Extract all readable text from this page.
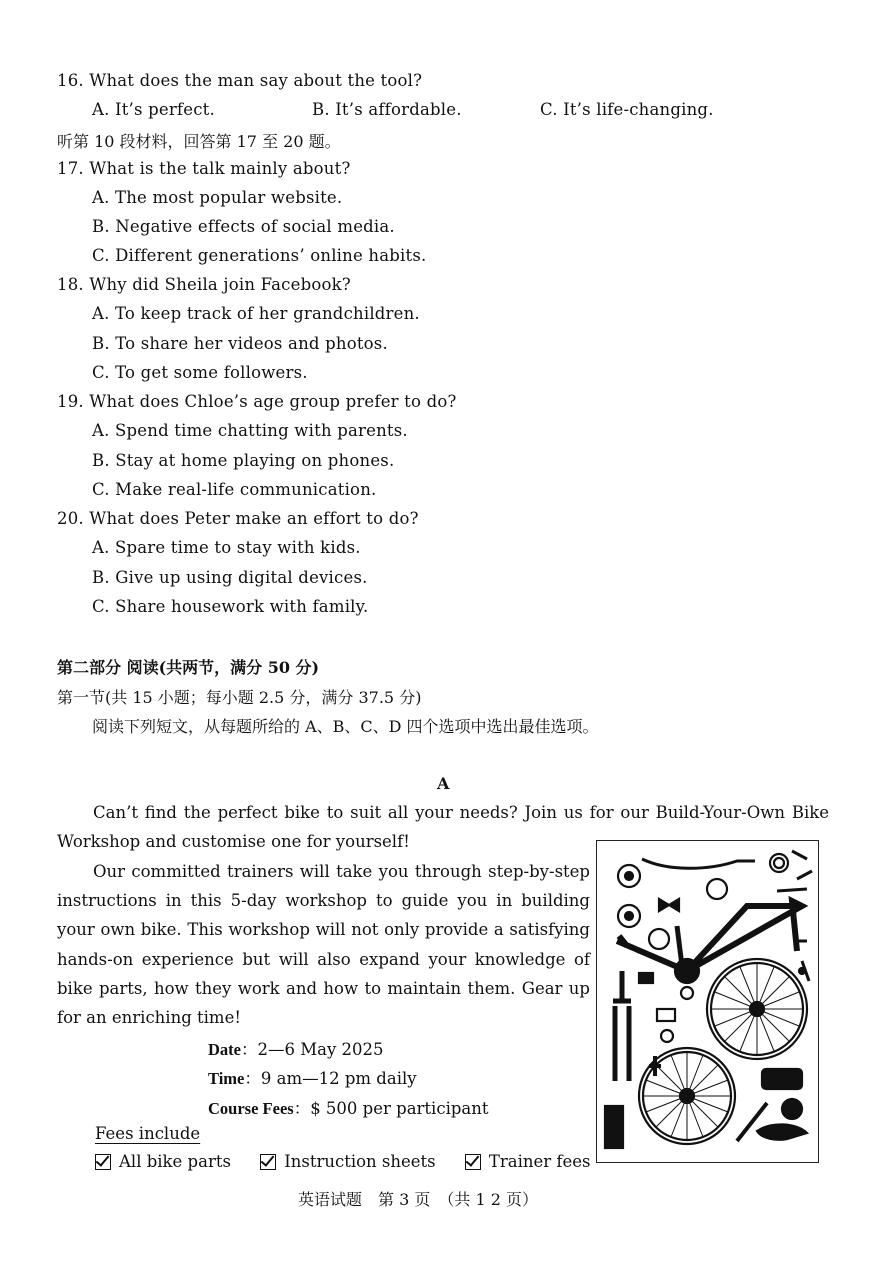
16. What does the man say about the tool?
A. It’s perfect.	B. It’s affordable.	C. It’s life-changing.
听第 10 段材料，回答第 17 至 20 题。
17. What is the talk mainly about?
A. The most popular website.
B. Negative effects of social media.
C. Different generations’ online habits.
18. Why did Sheila join Facebook?
A. To keep track of her grandchildren.
B. To share her videos and photos.
C. To get some followers.
19. What does Chloe’s age group prefer to do?
A. Spend time chatting with parents.
B. Stay at home playing on phones.
C. Make real-life communication.
20. What does Peter make an effort to do?
A. Spare time to stay with kids.
B. Give up using digital devices.
C. Share housework with family.
第二部分 阅读(共两节，满分 50 分)
第一节(共 15 小题；每小题 2.5 分，满分 37.5 分)
阅读下列短文，从每题所给的 A、B、C、D 四个选项中选出最佳选项。
A
Can’t find the perfect bike to suit all your needs? Join us for our Build-Your-Own Bike Workshop and customise one for yourself!
Our committed trainers will take you through step-by-step instructions in this 5-day workshop to guide you in building your own bike. This workshop will not only provide a satisfying hands-on experience but will also expand your knowledge of bike parts, how they work and how to maintain them. Gear up for an enriching time!
Date：2—6 May 2025
Time：9 am—12 pm daily
Course Fees：$ 500 per participant
Fees include
All bike parts
	Instruction sheets
	Trainer fees
英语试题　第 3 页　（共 1 2 页）
